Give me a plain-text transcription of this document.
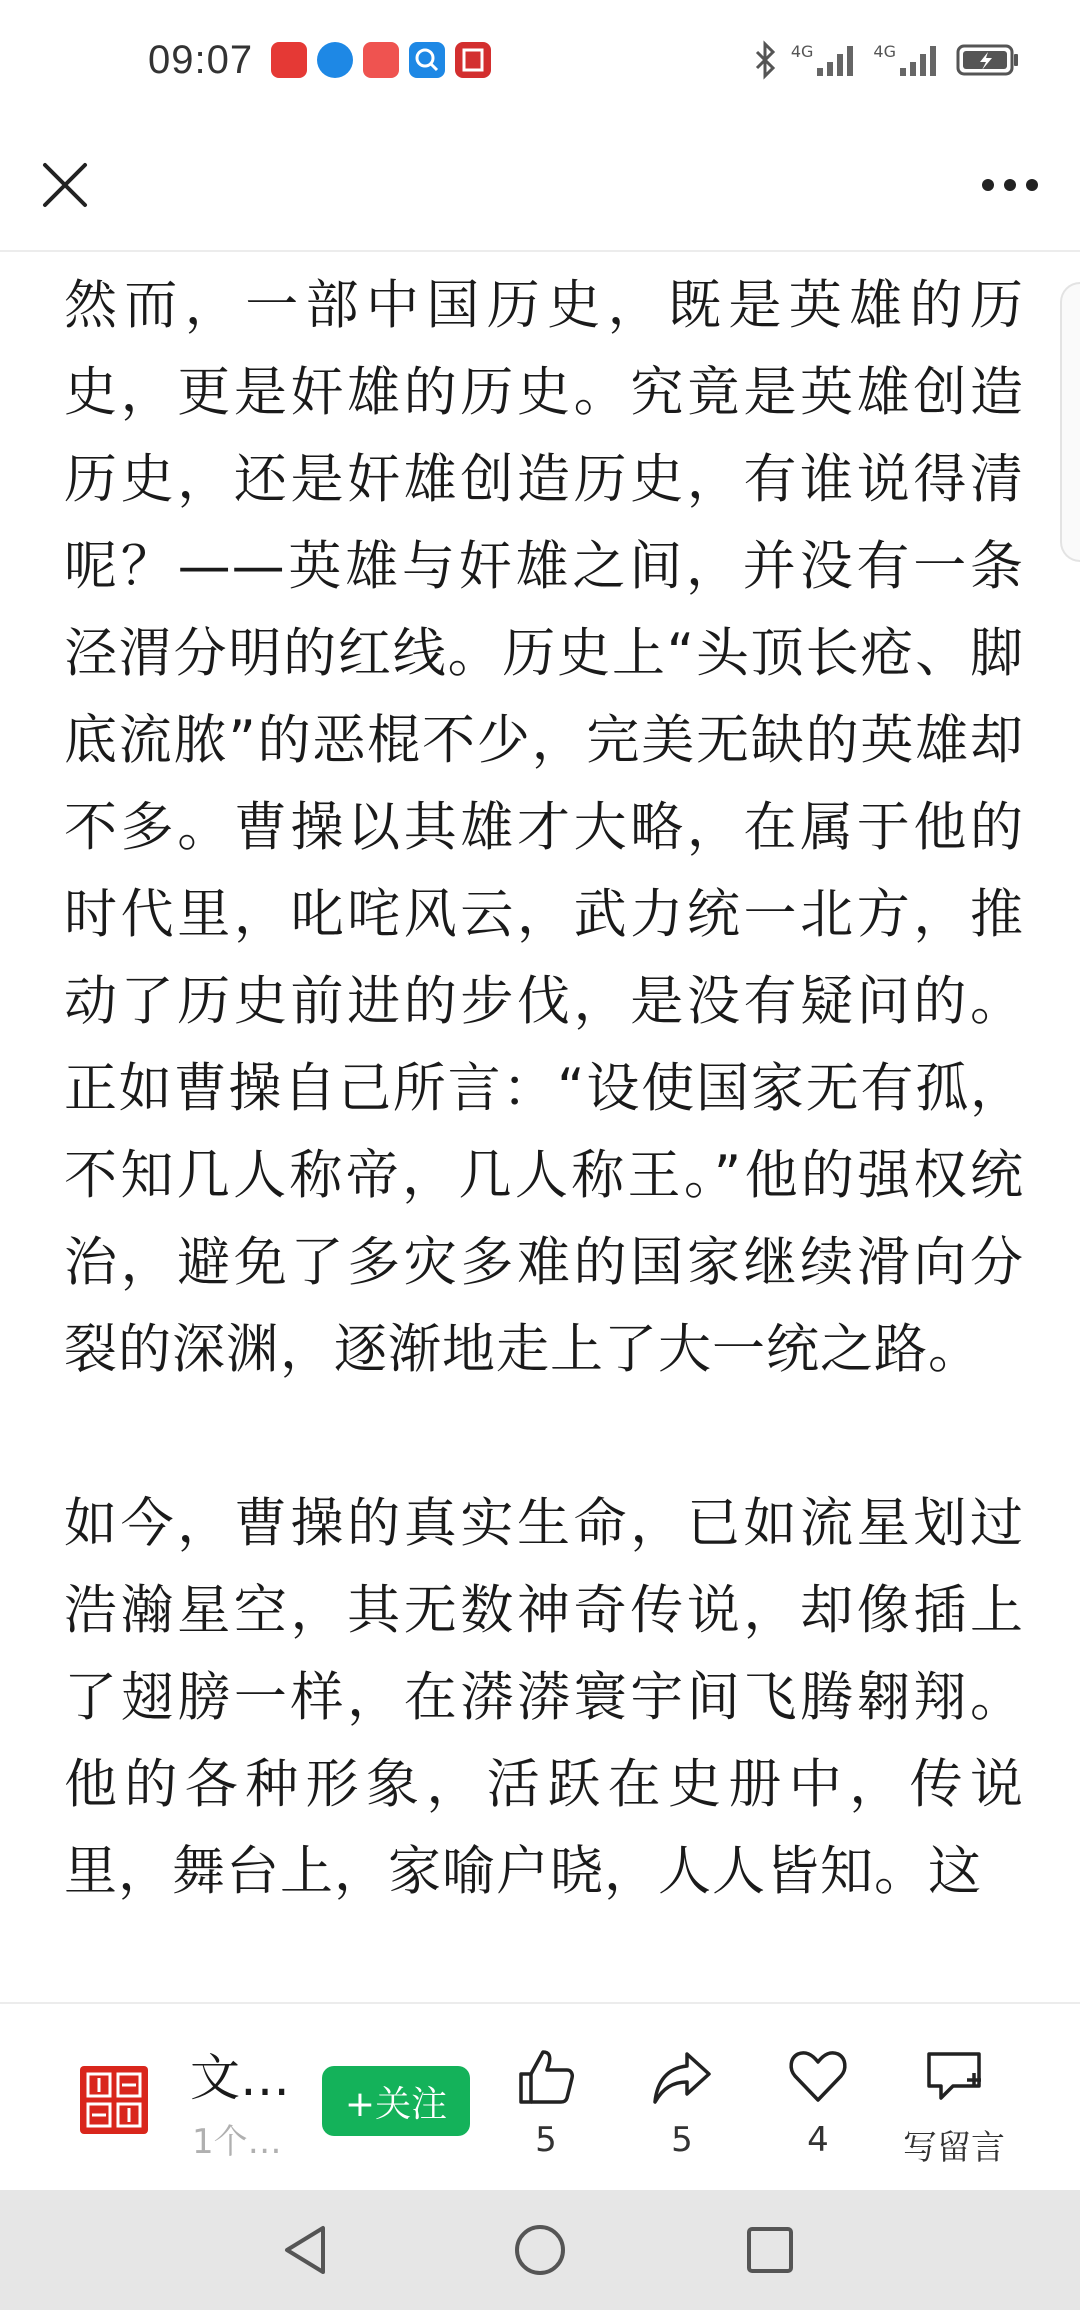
09:07	4G	4G

然而，一部中国历史，既是英雄的历史，更是奸雄的历史。究竟是英雄创造历史，还是奸雄创造历史，有谁说得清呢？——英雄与奸雄之间，并没有一条泾渭分明的红线。历史上“头顶长疮、脚底流脓”的恶棍不少，完美无缺的英雄却不多。曹操以其雄才大略，在属于他的时代里，叱咤风云，武力统一北方，推动了历史前进的步伐，是没有疑问的。正如曹操自己所言：“设使国家无有孤，不知几人称帝，几人称王。”他的强权统治，避免了多灾多难的国家继续滑向分裂的深渊，逐渐地走上了大一统之路。

如今，曹操的真实生命，已如流星划过浩瀚星空，其无数神奇传说，却像插上了翅膀一样，在漭漭寰宇间飞腾翱翔。他的各种形象，活跃在史册中，传说里，舞台上，家喻户晓，人人皆知。这

文…
1个…
+关注
5	5	4 写留言
